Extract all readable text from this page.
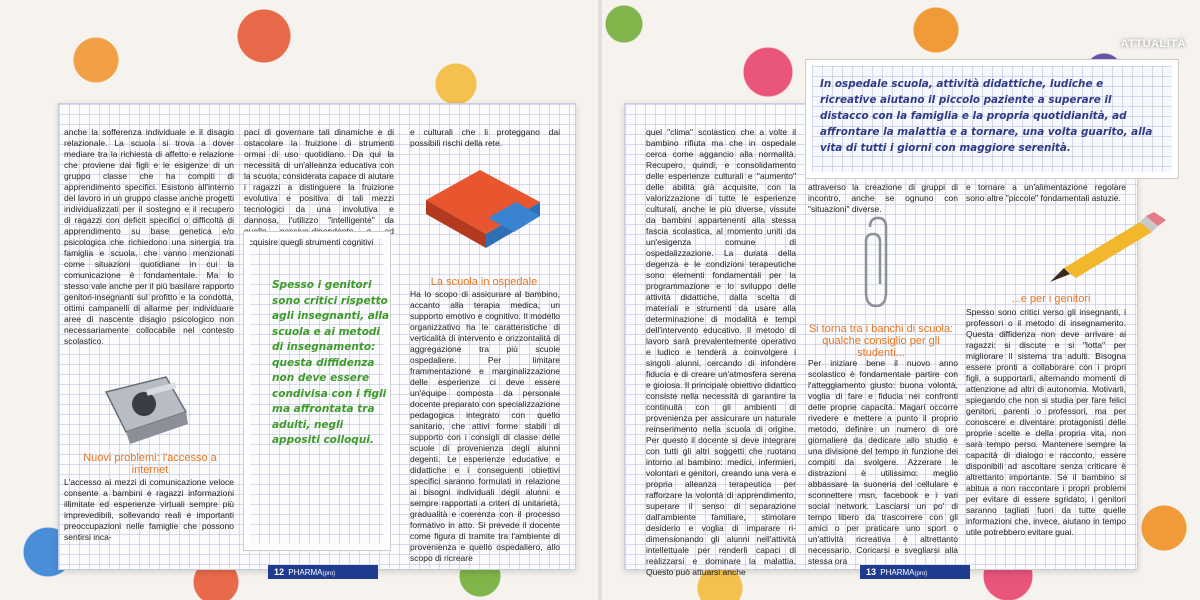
ATTUALITÀ
anche la sofferenza individuale e il disagio relazionale. La scuola si trova a dover mediare tra la richiesta di affetto e relazione che proviene dai figli e le esigenze di un gruppo classe che ha compiti di apprendimento specifici. Esistono all'interno del lavoro in un gruppo classe anche progetti individualizzati per il sostegno e il recupero di ragazzi con deficit specifici o difficoltà di apprendimento su base genetica e/o psicologica che richiedono una sinergia tra famiglia e scuola, che vanno menzionati come situazioni quotidiane in cui la comunicazione è fondamentale. Ma lo stesso vale anche per il più basilare rapporto genitori-insegnanti sul profitto e la condotta, ottimi campanelli di allarme per individuare aree di nascente disagio psicologico non necessariamente collocabile nel contesto scolastico.
Nuovi problemi: l'accesso a internet
L'accesso ai mezzi di comunicazione veloce consente a bambini e ragazzi informazioni illimitate ed esperienze virtuali sempre più imprevedibili, sollevando reali e importanti preoccupazioni nelle famiglie che possono sentirsi inca-
paci di governare tali dinamiche e di ostacolare la fruizione di strumenti ormai di uso quotidiano. Da qui la necessità di un'alleanza educativa con la scuola, considerata capace di aiutare i ragazzi a distinguere la fruizione evolutiva e positiva di tali mezzi tecnologici da una involutiva e dannosa, l'utilizzo "intelligente" da quello passivo-dipendente e ad acquisire quegli strumenti cognitivi
Spesso i genitori sono critici rispetto agli insegnanti, alla scuola e ai metodi di insegnamento: questa diffidenza non deve essere condivisa con i figli ma affrontata tra adulti, negli appositi colloqui.
e culturali che li proteggano dai possibili rischi della rete.
La scuola in ospedale
Ha lo scopo di assicurare al bambino, accanto alla terapia medica, un supporto emotivo e cognitivo. Il modello organizzativo ha le caratteristiche di verticalità di intervento e orizzontalità di aggregazione tra più scuole ospedaliere. Per limitare frammentazione e marginalizzazione delle esperienze ci deve essere un'équipe composta da personale docente preparato con specializzazione pedagogica integrato con quello sanitario, che attivi forme stabili di supporto con i consigli di classe delle scuole di provenienza degli alunni degenti. Le esperienze educative e didattiche e i conseguenti obiettivi specifici saranno formulati in relazione ai bisogni individuali degli alunni e sempre rapportati a criteri di unitarietà, gradualità e coerenza con il processo formativo in atto. Si prevede il docente come figura di tramite tra l'ambiente di provenienza e quello ospedaliero, allo scopo di ricreare
12 PHARMA(pro)
In ospedale scuola, attività didattiche, ludiche e ricreative aiutano il piccolo paziente a superare il distacco con la famiglia e la propria quotidianità, ad affrontare la malattia e a tornare, una volta guarito, alla vita di tutti i giorni con maggiore serenità.
quel "clima" scolastico che a volte il bambino rifiuta ma che in ospedale cerca come aggancio alla normalità. Recupero, quindi, e consolidamento delle esperienze culturali e "aumento" delle abilità già acquisite, con la valorizzazione di tutte le esperienze culturali, anche le più diverse, vissute da bambini appartenenti alla stessa fascia scolastica, al momento uniti da un'esigenza comune di ospedalizzazione. La durata della degenza e le condizioni terapeutiche sono elementi fondamentali per la programmazione e lo sviluppo delle attività didattiche, dalla scelta di materiali e strumenti da usare alla determinazione di modalità e tempi dell'intervento educativo. Il metodo di lavoro sarà prevalentemente operativo e ludico e tenderà a coinvolgere i singoli alunni, cercando di infondere fiducia e di creare un'atmosfera serena e gioiosa. Il principale obiettivo didattico consiste nella necessità di garantire la continuità con gli ambienti di provenienza per assicurare un naturale reinserimento nella scuola di origine. Per questo il docente si deve integrare con tutti gli altri soggetti che ruotano intorno al bambino: medici, infermieri, volontari e genitori, creando una vera e propria alleanza terapeutica per rafforzare la volontà di apprendimento, superare il senso di separazione dall'ambiente familiare, stimolare desiderio e voglia di imparare ri-dimensionando gli alunni nell'attività intellettuale per renderli capaci di realizzarsi e dominare la malattia. Questo può attuarsi anche
attraverso la creazione di gruppi di incontro, anche se ognuno con "situazioni" diverse.
Si torna tra i banchi di scuola: qualche consiglio per gli studenti...
Per iniziare bene il nuovo anno scolastico è fondamentale partire con l'atteggiamento giusto: buona volontà, voglia di fare e fiducia nei confronti delle proprie capacità. Magari occorre rivedere e mettere a punto il proprio metodo, definire un numero di ore giornaliere da dedicare allo studio e una divisione del tempo in funzione dei compiti da svolgere. Azzerare le distrazioni è utilissimo: meglio abbassare la suoneria del cellulare e sconnettere msn, facebook e i vari social network. Lasciarsi un po' di tempo libero da trascorrere con gli amici o per praticare uno sport o un'attività ricreativa è altrettanto necessario. Coricarsi e svegliarsi alla stessa ora
e tornare a un'alimentazione regolare sono altre "piccole" fondamentali astuzie.
...e per i genitori
Spesso sono critici verso gli insegnanti, i professori o il metodo di insegnamento. Questa diffidenza non deve arrivare ai ragazzi: si discute e si "lotta" per migliorare il sistema tra adulti. Bisogna essere pronti a collaborare con i propri figli, a supportarli, alternando momenti di attenzione ad altri di autonomia. Motivarli, spiegando che non si studia per fare felici genitori, parenti o professori, ma per conoscere e diventare protagonisti delle proprie scelte e della propria vita, non sarà tempo perso. Mantenere sempre la capacità di dialogo e racconto, essere disponibili ad ascoltare senza criticare è altrettanto importante. Se il bambino si abitua a non raccontare i propri problemi per evitare di essere sgridato, i genitori saranno tagliati fuori da tutte quelle informazioni che, invece, aiutano in tempo utile potrebbero evitare guai.
13 PHARMA(pro)
